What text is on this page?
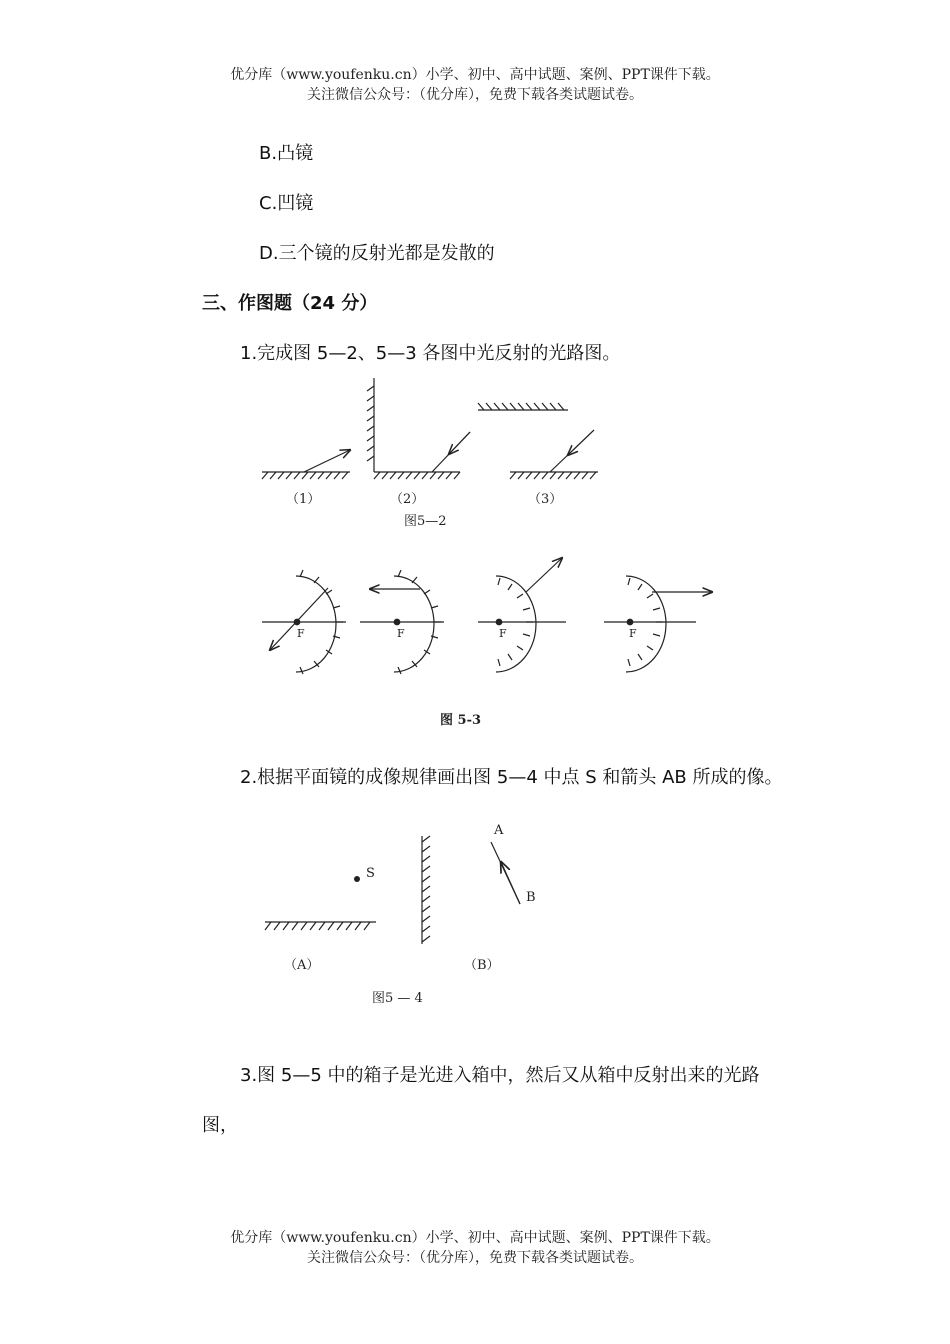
优分库（www.youfenku.cn）小学、初中、高中试题、案例、PPT课件下载。
关注微信公众号：（优分库），免费下载各类试题试卷。
B.凸镜
C.凹镜
D.三个镜的反射光都是发散的
三、作图题（24 分）
1.完成图 5—2、5—3 各图中光反射的光路图。
（1）	（2）	（3）
图5—2
F	F	F	F
图 5-3
2.根据平面镜的成像规律画出图 5—4 中点 S 和箭头 AB 所成的像。
S
A
B
（A）	（B）
图5 — 4
3.图 5—5 中的箱子是光进入箱中，然后又从箱中反射出来的光路
图，
优分库（www.youfenku.cn）小学、初中、高中试题、案例、PPT课件下载。
关注微信公众号：（优分库），免费下载各类试题试卷。
